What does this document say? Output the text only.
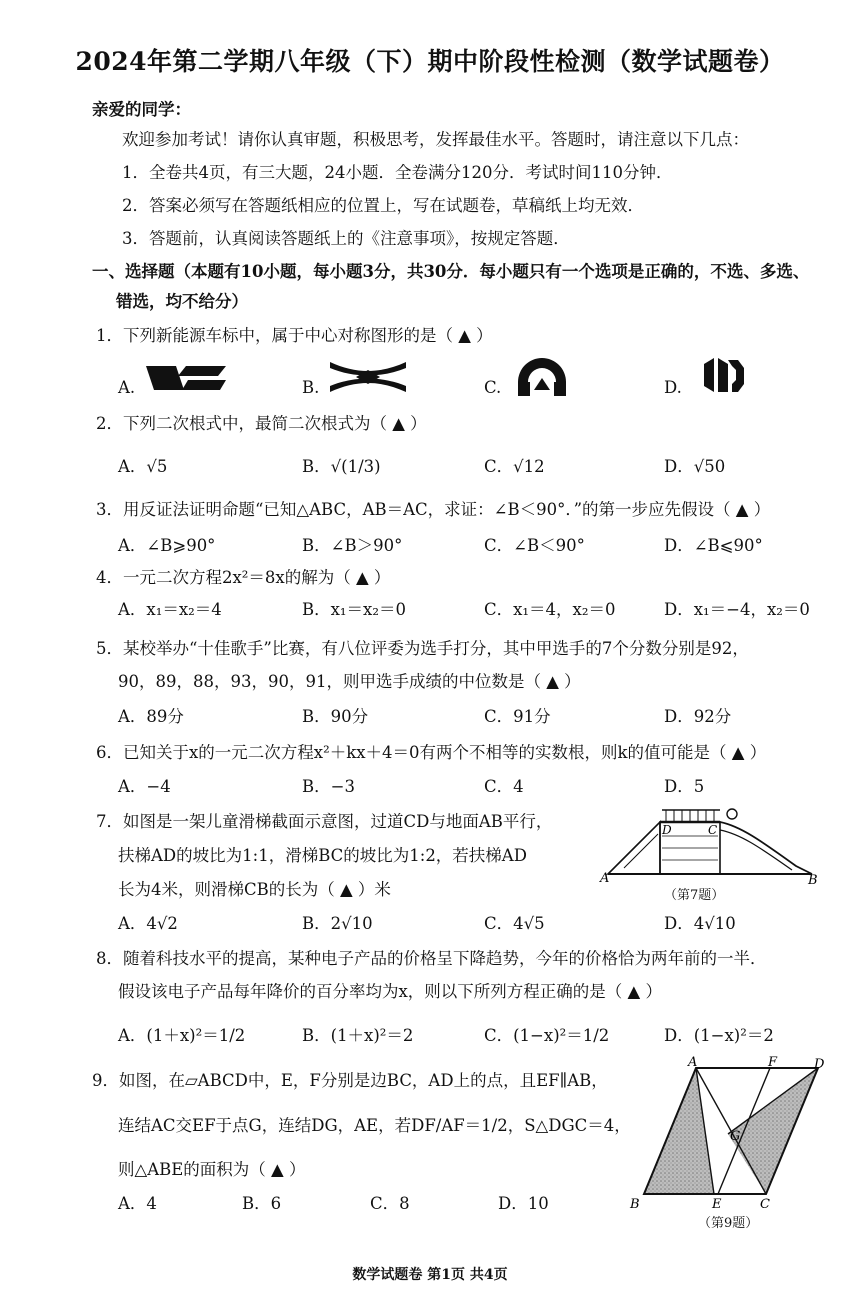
2024年第二学期八年级（下）期中阶段性检测（数学试题卷）
亲爱的同学：
欢迎参加考试！请你认真审题，积极思考，发挥最佳水平。答题时，请注意以下几点：
1．全卷共4页，有三大题，24小题．全卷满分120分．考试时间110分钟．
2．答案必须写在答题纸相应的位置上，写在试题卷，草稿纸上均无效．
3．答题前，认真阅读答题纸上的《注意事项》，按规定答题．
一、选择题（本题有10小题，每小题3分，共30分．每小题只有一个选项是正确的，不选、多选、
错选，均不给分）
1．下列新能源车标中，属于中心对称图形的是（ ▲ ）
A.	B.	C.	D.
2．下列二次根式中，最简二次根式为（ ▲ ）
A．√5	B．√(1/3)	C．√12	D．√50
3．用反证法证明命题“已知△ABC，AB＝AC，求证：∠B＜90°．”的第一步应先假设（ ▲ ）
A．∠B⩾90°	B．∠B＞90°	C．∠B＜90°	D．∠B⩽90°
4．一元二次方程2x²＝8x的解为（ ▲ ）
A．x₁＝x₂＝4	B．x₁＝x₂＝0	C．x₁＝4，x₂＝0	D．x₁＝−4，x₂＝0
5．某校举办“十佳歌手”比赛，有八位评委为选手打分，其中甲选手的7个分数分别是92，
90，89，88，93，90，91，则甲选手成绩的中位数是（ ▲ ）
A．89分	B．90分	C．91分	D．92分
6．已知关于x的一元二次方程x²＋kx＋4＝0有两个不相等的实数根，则k的值可能是（ ▲ ）
A．−4	B．−3	C．4	D．5
7．如图是一架儿童滑梯截面示意图，过道CD与地面AB平行，
扶梯AD的坡比为1:1，滑梯BC的坡比为1:2，若扶梯AD
长为4米，则滑梯CB的长为（ ▲ ）米
A．4√2	B．2√10	C．4√5	D．4√10
A	B
D	C
（第7题）
8．随着科技水平的提高，某种电子产品的价格呈下降趋势，今年的价格恰为两年前的一半．
假设该电子产品每年降价的百分率均为x，则以下所列方程正确的是（ ▲ ）
A．(1＋x)²＝1/2	B．(1＋x)²＝2	C．(1−x)²＝1/2	D．(1−x)²＝2
9．如图，在▱ABCD中，E，F分别是边BC，AD上的点，且EF∥AB，
连结AC交EF于点G，连结DG，AE，若DF/AF＝1/2，S△DGC＝4，
则△ABE的面积为（ ▲ ）
A．4	B．6	C．8	D．10
A	F	D
G
B	E	C
（第9题）
数学试题卷 第1页 共4页
